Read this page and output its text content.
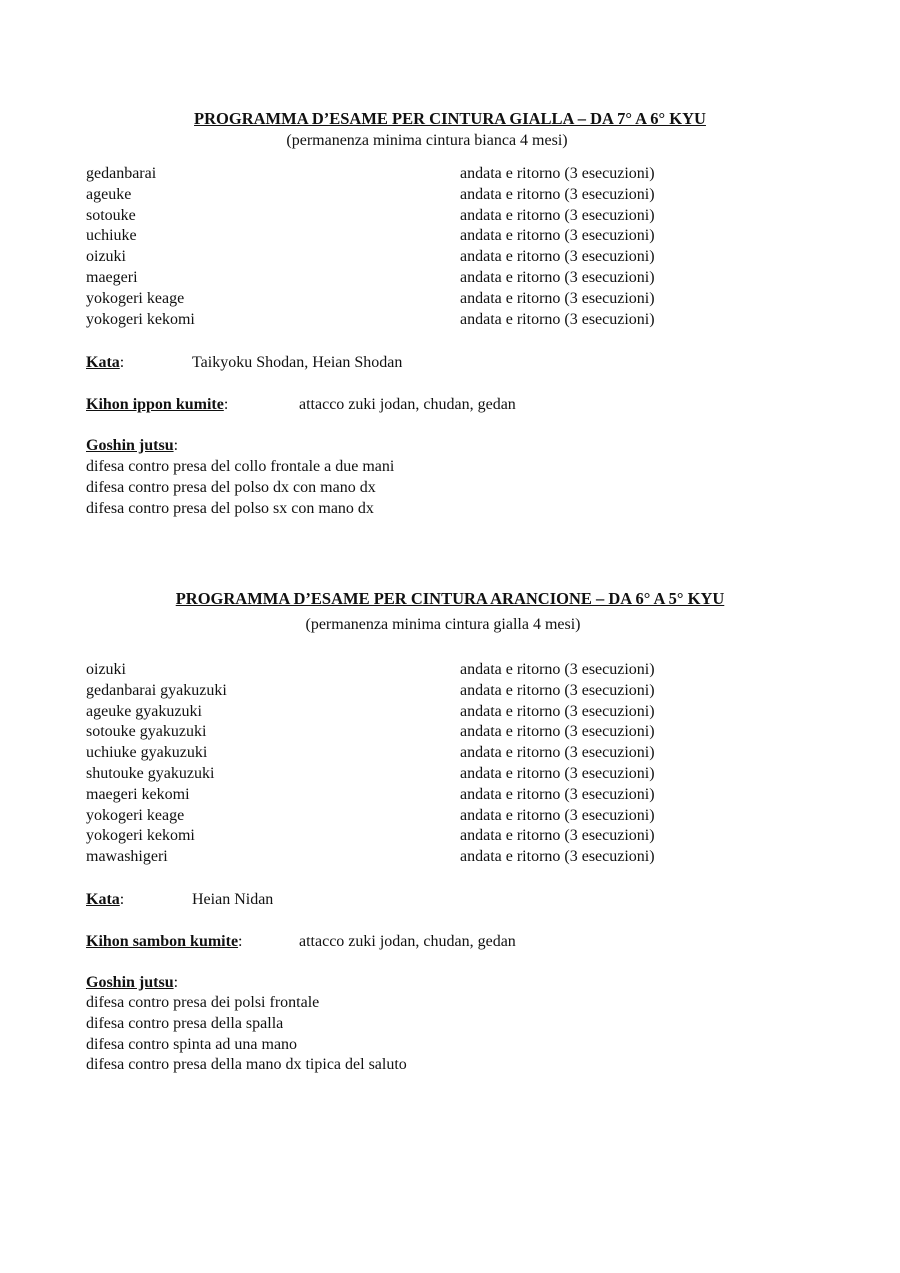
PROGRAMMA D’ESAME PER CINTURA GIALLA – DA 7° A 6° KYU
(permanenza minima cintura bianca 4 mesi)
gedanbarai	andata e ritorno (3 esecuzioni)
ageuke	andata e ritorno (3 esecuzioni)
sotouke	andata e ritorno (3 esecuzioni)
uchiuke	andata e ritorno (3 esecuzioni)
oizuki	andata e ritorno (3 esecuzioni)
maegeri	andata e ritorno (3 esecuzioni)
yokogeri keage	andata e ritorno (3 esecuzioni)
yokogeri kekomi	andata e ritorno (3 esecuzioni)
Kata:	Taikyoku Shodan, Heian Shodan
Kihon ippon kumite:	attacco zuki jodan, chudan, gedan
Goshin jutsu:
difesa contro presa del collo frontale a due mani
difesa contro presa del polso dx con mano dx
difesa contro presa del polso sx con mano dx
PROGRAMMA D’ESAME PER CINTURA ARANCIONE – DA 6° A 5° KYU
(permanenza minima cintura gialla 4 mesi)
oizuki	andata e ritorno (3 esecuzioni)
gedanbarai gyakuzuki	andata e ritorno (3 esecuzioni)
ageuke gyakuzuki	andata e ritorno (3 esecuzioni)
sotouke gyakuzuki	andata e ritorno (3 esecuzioni)
uchiuke gyakuzuki	andata e ritorno (3 esecuzioni)
shutouke gyakuzuki	andata e ritorno (3 esecuzioni)
maegeri kekomi	andata e ritorno (3 esecuzioni)
yokogeri keage	andata e ritorno (3 esecuzioni)
yokogeri kekomi	andata e ritorno (3 esecuzioni)
mawashigeri	andata e ritorno (3 esecuzioni)
Kata:	Heian Nidan
Kihon sambon kumite:	attacco zuki jodan, chudan, gedan
Goshin jutsu:
difesa contro presa dei polsi frontale
difesa contro presa della spalla
difesa contro spinta ad una mano
difesa contro presa della mano dx tipica del saluto
